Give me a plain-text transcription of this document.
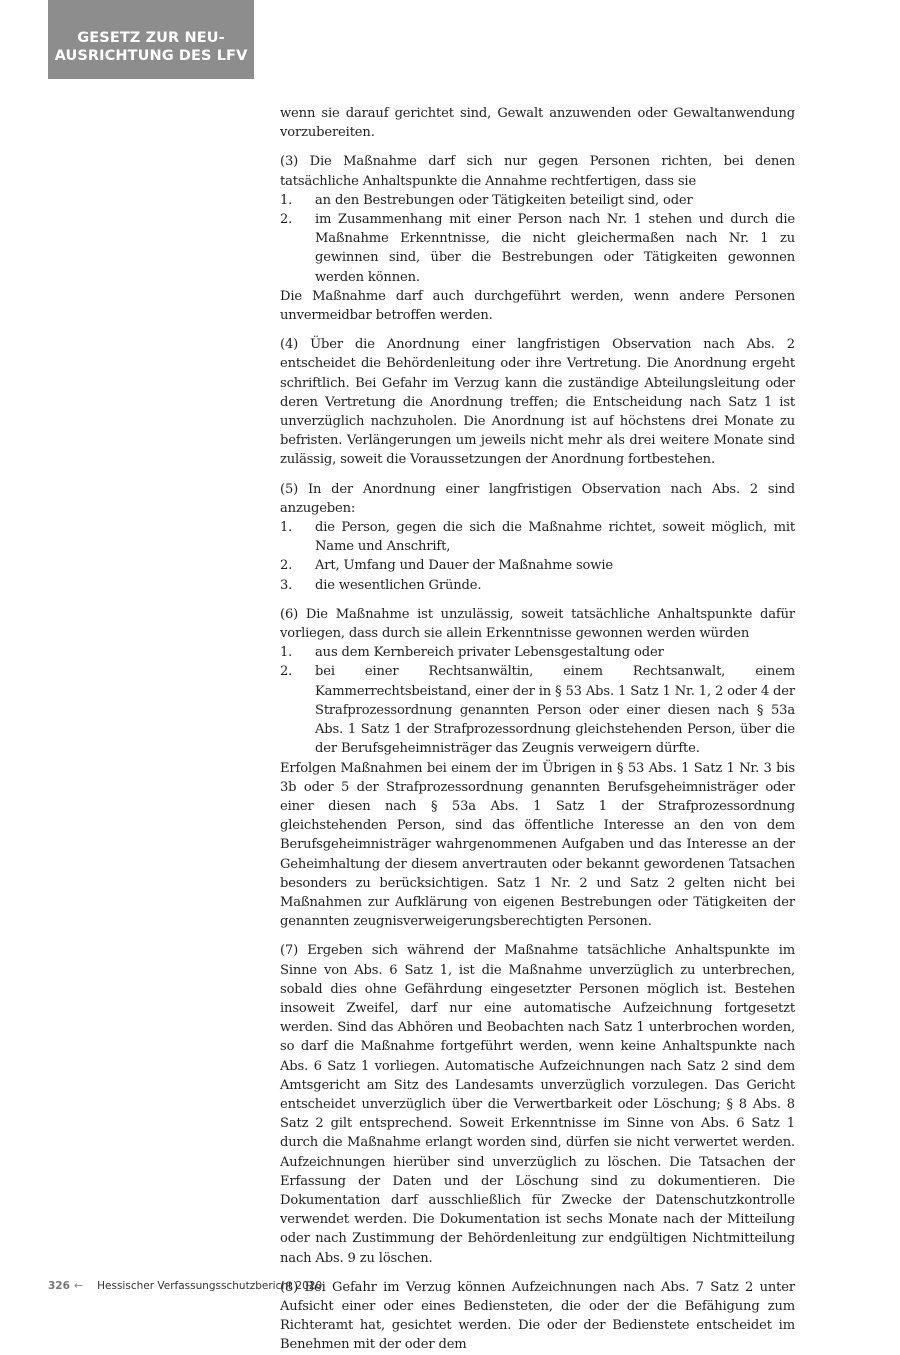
GESETZ ZUR NEU-
AUSRICHTUNG DES LFV

wenn sie darauf gerichtet sind, Gewalt anzuwenden oder Gewaltanwendung vorzubereiten.

(3) Die Maßnahme darf sich nur gegen Personen richten, bei denen tatsächliche Anhaltspunkte die Annahme rechtfertigen, dass sie

1.	an den Bestrebungen oder Tätigkeiten beteiligt sind, oder
2.	im Zusammenhang mit einer Person nach Nr. 1 stehen und durch die Maßnahme Erkenntnisse, die nicht gleichermaßen nach Nr. 1 zu gewinnen sind, über die Bestrebungen oder Tätigkeiten gewonnen werden können.

Die Maßnahme darf auch durchgeführt werden, wenn andere Personen unvermeidbar betroffen werden.

(4) Über die Anordnung einer langfristigen Observation nach Abs. 2 entscheidet die Behördenleitung oder ihre Vertretung. Die Anordnung ergeht schriftlich. Bei Gefahr im Verzug kann die zuständige Abteilungsleitung oder deren Vertretung die Anordnung treffen; die Entscheidung nach Satz 1 ist unverzüglich nachzuholen. Die Anordnung ist auf höchstens drei Monate zu befristen. Verlängerungen um jeweils nicht mehr als drei weitere Monate sind zulässig, soweit die Voraussetzungen der Anordnung fortbestehen.

(5) In der Anordnung einer langfristigen Observation nach Abs. 2 sind anzugeben:

1.	die Person, gegen die sich die Maßnahme richtet, soweit möglich, mit Name und Anschrift,
2.	Art, Umfang und Dauer der Maßnahme sowie
3.	die wesentlichen Gründe.

(6) Die Maßnahme ist unzulässig, soweit tatsächliche Anhaltspunkte dafür vorliegen, dass durch sie allein Erkenntnisse gewonnen werden würden

1.	aus dem Kernbereich privater Lebensgestaltung oder
2.	bei einer Rechtsanwältin, einem Rechtsanwalt, einem Kammerrechtsbeistand, einer der in § 53 Abs. 1 Satz 1 Nr. 1, 2 oder 4 der Strafprozessordnung genannten Person oder einer diesen nach § 53a Abs. 1 Satz 1 der Strafprozessordnung gleichstehenden Person, über die der Berufsgeheimnisträger das Zeugnis verweigern dürfte.

Erfolgen Maßnahmen bei einem der im Übrigen in § 53 Abs. 1 Satz 1 Nr. 3 bis 3b oder 5 der Strafprozessordnung genannten Berufsgeheimnisträger oder einer diesen nach § 53a Abs. 1 Satz 1 der Strafprozessordnung gleichstehenden Person, sind das öffentliche Interesse an den von dem Berufsgeheimnisträger wahrgenommenen Aufgaben und das Interesse an der Geheimhaltung der diesem anvertrauten oder bekannt gewordenen Tatsachen besonders zu berücksichtigen. Satz 1 Nr. 2 und Satz 2 gelten nicht bei Maßnahmen zur Aufklärung von eigenen Bestrebungen oder Tätigkeiten der genannten zeugnisverweigerungsberechtigten Personen.

(7) Ergeben sich während der Maßnahme tatsächliche Anhaltspunkte im Sinne von Abs. 6 Satz 1, ist die Maßnahme unverzüglich zu unterbrechen, sobald dies ohne Gefährdung eingesetzter Personen möglich ist. Bestehen insoweit Zweifel, darf nur eine automatische Aufzeichnung fortgesetzt werden. Sind das Abhören und Beobachten nach Satz 1 unterbrochen worden, so darf die Maßnahme fortgeführt werden, wenn keine Anhaltspunkte nach Abs. 6 Satz 1 vorliegen. Automatische Aufzeichnungen nach Satz 2 sind dem Amtsgericht am Sitz des Landesamts unverzüglich vorzulegen. Das Gericht entscheidet unverzüglich über die Verwertbarkeit oder Löschung; § 8 Abs. 8 Satz 2 gilt entsprechend. Soweit Erkenntnisse im Sinne von Abs. 6 Satz 1 durch die Maßnahme erlangt worden sind, dürfen sie nicht verwertet werden. Aufzeichnungen hierüber sind unverzüglich zu löschen. Die Tatsachen der Erfassung der Daten und der Löschung sind zu dokumentieren. Die Dokumentation darf ausschließlich für Zwecke der Datenschutzkontrolle verwendet werden. Die Dokumentation ist sechs Monate nach der Mitteilung oder nach Zustimmung der Behördenleitung zur endgültigen Nichtmitteilung nach Abs. 9 zu löschen.

(8) Bei Gefahr im Verzug können Aufzeichnungen nach Abs. 7 Satz 2 unter Aufsicht einer oder eines Bediensteten, die oder der die Befähigung zum Richteramt hat, gesichtet werden. Die oder der Bedienstete entscheidet im Benehmen mit der oder dem

326 ← Hessischer Verfassungsschutzbericht 2020
